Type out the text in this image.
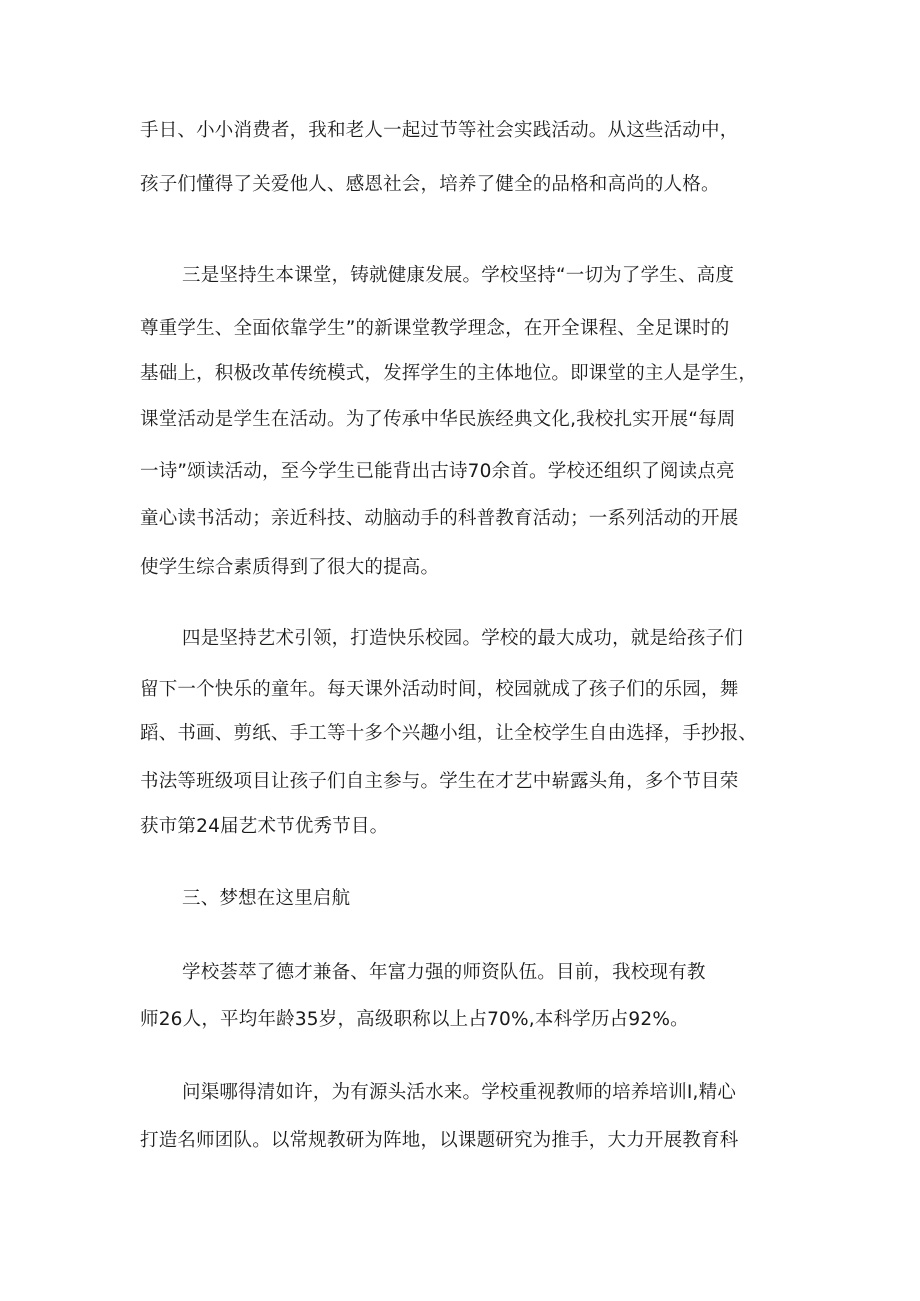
手日、小小消费者，我和老人一起过节等社会实践活动。从这些活动中，
孩子们懂得了关爱他人、感恩社会，培养了健全的品格和高尚的人格。
三是坚持生本课堂，铸就健康发展。学校坚持“一切为了学生、高度
尊重学生、全面依靠学生”的新课堂教学理念，在开全课程、全足课时的
基础上，积极改革传统模式，发挥学生的主体地位。即课堂的主人是学生，
课堂活动是学生在活动。为了传承中华民族经典文化,我校扎实开展“每周
一诗”颂读活动，至今学生已能背出古诗70余首。学校还组织了阅读点亮
童心读书活动；亲近科技、动脑动手的科普教育活动；一系列活动的开展
使学生综合素质得到了很大的提高。
四是坚持艺术引领，打造快乐校园。学校的最大成功，就是给孩子们
留下一个快乐的童年。每天课外活动时间，校园就成了孩子们的乐园，舞
蹈、书画、剪纸、手工等十多个兴趣小组，让全校学生自由选择，手抄报、
书法等班级项目让孩子们自主参与。学生在才艺中崭露头角，多个节目荣
获市第24届艺术节优秀节目。
三、梦想在这里启航
学校荟萃了德才兼备、年富力强的师资队伍。目前，我校现有教
师26人，平均年龄35岁，高级职称以上占70%,本科学历占92%。
问渠哪得清如许，为有源头活水来。学校重视教师的培养培训I,精心
打造名师团队。以常规教研为阵地，以课题研究为推手，大力开展教育科
